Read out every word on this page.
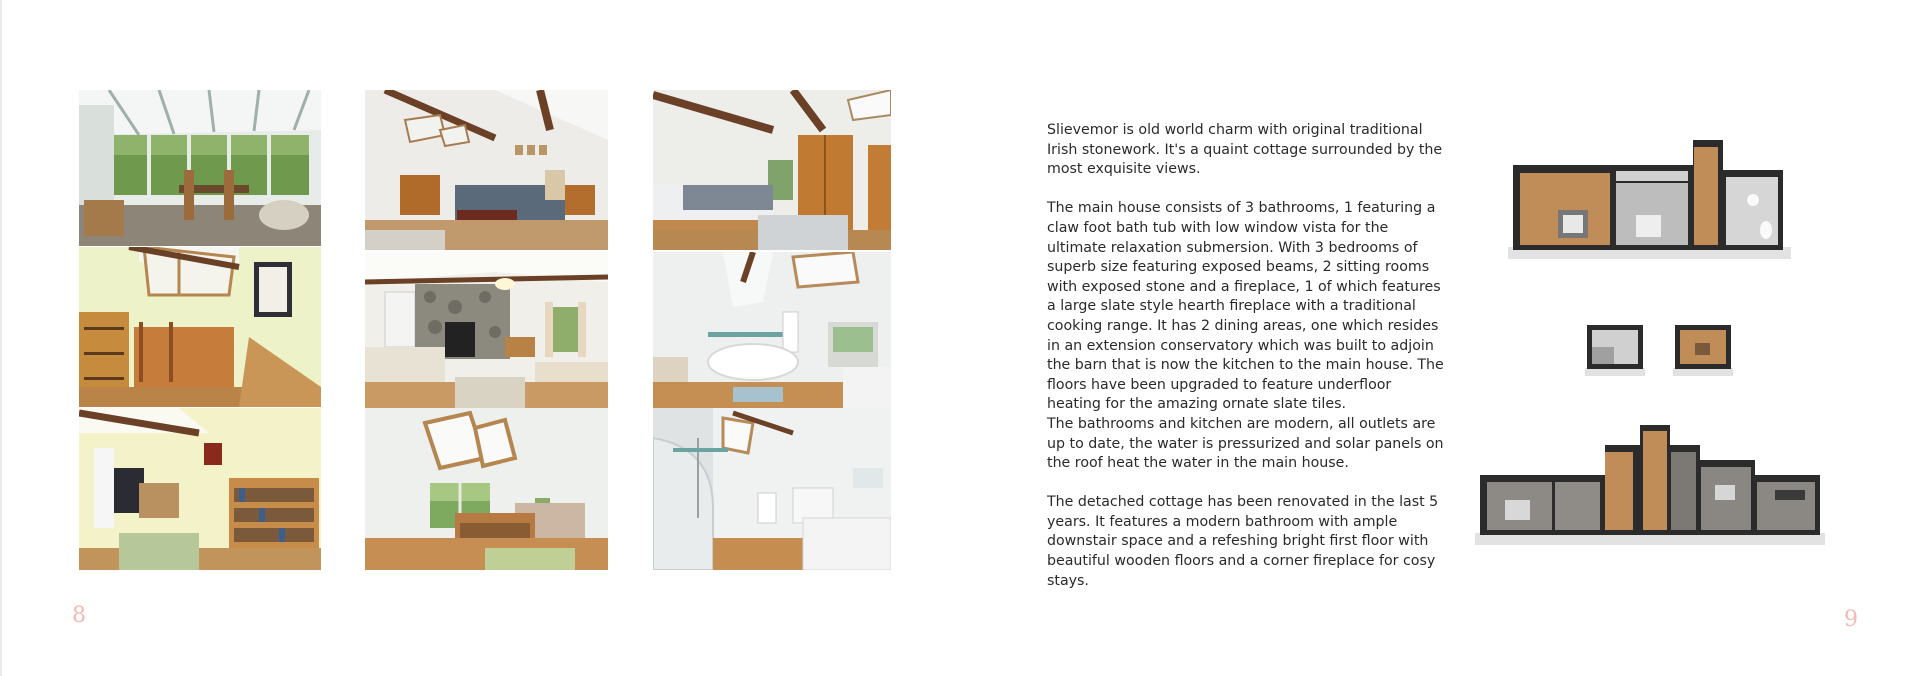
Slievemor is old world charm with original traditional Irish stonework. It's a quaint cottage surrounded by the most exquisite views.

The main house consists of 3 bathrooms, 1 featuring a claw foot bath tub with low window vista for the ultimate relaxation submersion. With 3 bedrooms of superb size featuring exposed beams, 2 sitting rooms with exposed stone and a fireplace, 1 of which features a large slate style hearth fireplace with a traditional cooking range. It has 2 dining areas, one which resides in an extension conservatory which was built to adjoin the barn that is now the kitchen to the main house. The floors have been upgraded to feature underfloor heating for the amazing ornate slate tiles.

The bathrooms and kitchen are modern, all outlets are up to date, the water is pressurized and solar panels on the roof heat the water in the main house.

The detached cottage has been renovated in the last 5 years. It features a modern bathroom with ample downstair space and a refeshing bright first floor with beautiful wooden floors and a corner fireplace for cosy stays.

8	9
